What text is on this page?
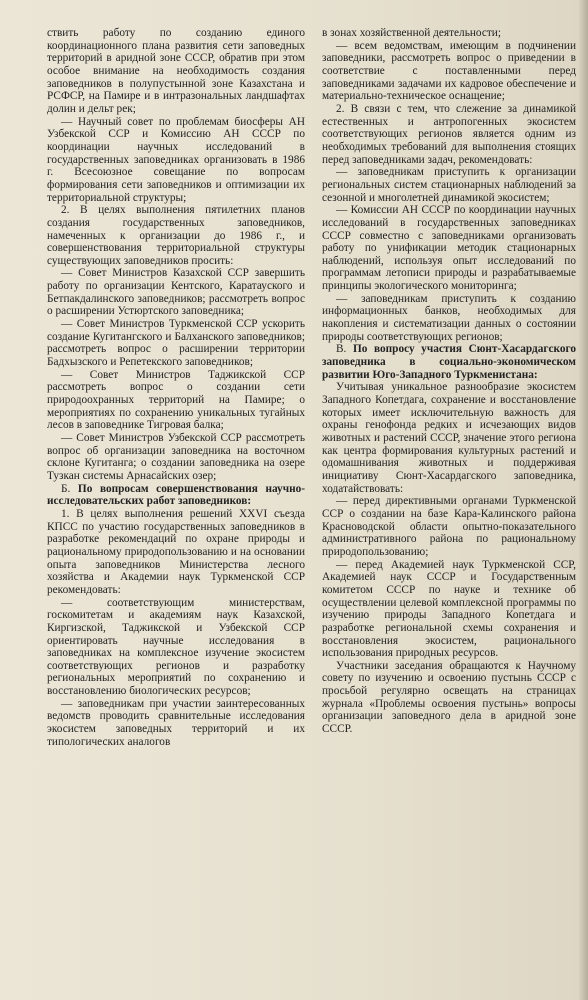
ствить работу по созданию единого координационного плана развития сети заповедных территорий в аридной зоне СССР, обратив при этом особое внимание на необходимость создания заповедников в полупустынной зоне Казахстана и РСФСР, на Памире и в интразональных ландшафтах долин и дельт рек;

— Научный совет по проблемам биосферы АН Узбекской ССР и Комиссию АН СССР по координации научных исследований в государственных заповедниках организовать в 1986 г. Всесоюзное совещание по вопросам формирования сети заповедников и оптимизации их территориальной структуры;

2. В целях выполнения пятилетних планов создания государственных заповедников, намеченных к организации до 1986 г., и совершенствования территориальной структуры существующих заповедников просить:

— Совет Министров Казахской ССР завершить работу по организации Кентского, Каратауского и Бетпакдалинского заповедников; рассмотреть вопрос о расширении Устюртского заповедника;

— Совет Министров Туркменской ССР ускорить создание Кугитангского и Балханского заповедников; рассмотреть вопрос о расширении территории Бадхызского и Репетекского заповедников;

— Совет Министров Таджикской ССР рассмотреть вопрос о создании сети природоохранных территорий на Памире; о мероприятиях по сохранению уникальных тугайных лесов в заповеднике Тигровая балка;

— Совет Министров Узбекской ССР рассмотреть вопрос об организации заповедника на восточном склоне Кугитанга; о создании заповедника на озере Тузкан системы Арнасайских озер;

Б. По вопросам совершенствования научно-исследовательских работ заповедников:

1. В целях выполнения решений XXVI съезда КПСС по участию государственных заповедников в разработке рекомендаций по охране природы и рациональному природопользованию и на основании опыта заповедников Министерства лесного хозяйства и Академии наук Туркменской ССР рекомендовать:

— соответствующим министерствам, госкомитетам и академиям наук Казахской, Киргизской, Таджикской и Узбекской ССР ориентировать научные исследования в заповедниках на комплексное изучение экосистем соответствующих регионов и разработку региональных мероприятий по сохранению и восстановлению биологических ресурсов;

— заповедникам при участии заинтересованных ведомств проводить сравнительные исследования экосистем заповедных территорий и их типологических аналогов

в зонах хозяйственной деятельности;

— всем ведомствам, имеющим в подчинении заповедники, рассмотреть вопрос о приведении в соответствие с поставленными перед заповедниками задачами их кадровое обеспечение и материально-техническое оснащение;

2. В связи с тем, что слежение за динамикой естественных и антропогенных экосистем соответствующих регионов является одним из необходимых требований для выполнения стоящих перед заповедниками задач, рекомендовать:

— заповедникам приступить к организации региональных систем стационарных наблюдений за сезонной и многолетней динамикой экосистем;

— Комиссии АН СССР по координации научных исследований в государственных заповедниках СССР совместно с заповедниками организовать работу по унификации методик стационарных наблюдений, используя опыт исследований по программам летописи природы и разрабатываемые принципы экологического мониторинга;

— заповедникам приступить к созданию информационных банков, необходимых для накопления и систематизации данных о состоянии природы соответствующих регионов;

В. По вопросу участия Сюнт-Хасардагского заповедника в социально-экономическом развитии Юго-Западного Туркменистана:

Учитывая уникальное разнообразие экосистем Западного Копетдага, сохранение и восстановление которых имеет исключительную важность для охраны генофонда редких и исчезающих видов животных и растений СССР, значение этого региона как центра формирования культурных растений и одомашнивания животных и поддерживая инициативу Сюнт-Хасардагского заповедника, ходатайствовать:

— перед директивными органами Туркменской ССР о создании на базе Кара-Калинского района Красноводской области опытно-показательного административного района по рациональному природопользованию;

— перед Академией наук Туркменской ССР, Академией наук СССР и Государственным комитетом СССР по науке и технике об осуществлении целевой комплексной программы по изучению природы Западного Копетдага и разработке региональной схемы сохранения и восстановления экосистем, рационального использования природных ресурсов.

Участники заседания обращаются к Научному совету по изучению и освоению пустынь СССР с просьбой регулярно освещать на страницах журнала «Проблемы освоения пустынь» вопросы организации заповедного дела в аридной зоне СССР.
